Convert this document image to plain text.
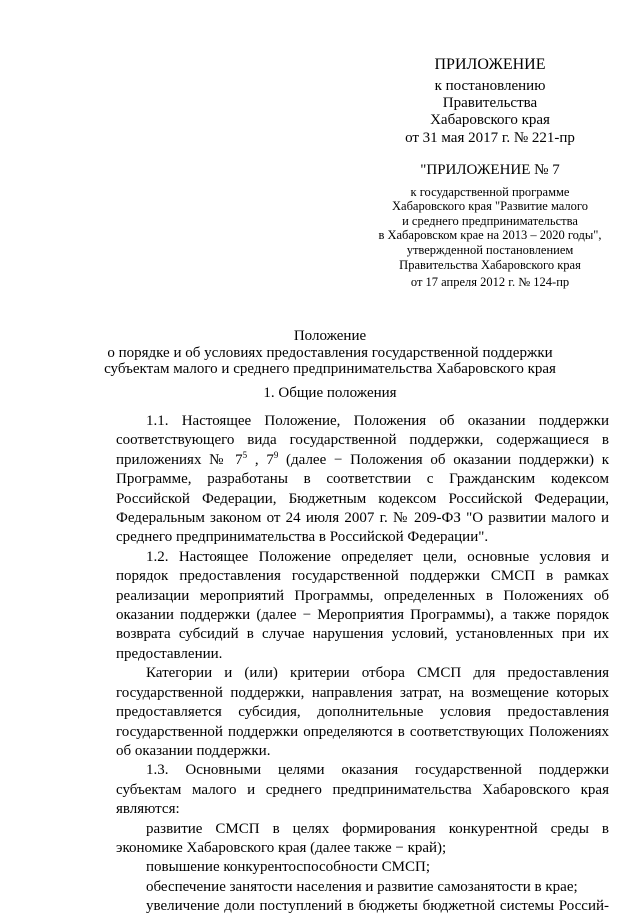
ПРИЛОЖЕНИЕ
к постановлению
Правительства
Хабаровского края
от 31 мая 2017 г. № 221-пр
"ПРИЛОЖЕНИЕ № 7
к государственной программе
Хабаровского края "Развитие малого
и среднего предпринимательства
в Хабаровском крае на 2013 – 2020 годы",
утвержденной постановлением
Правительства Хабаровского края
от 17 апреля 2012 г. № 124-пр
Положение
о порядке и об условиях предоставления государственной поддержки
субъектам малого и среднего предпринимательства Хабаровского края
1. Общие положения

1.1. Настоящее Положение, Положения об оказании поддержки соответствующего вида государственной поддержки, содержащиеся в приложениях № $7^5$ , $7^9$ (далее − Положения об оказании поддержки) к Программе, разработаны в соответствии с Гражданским кодексом Российской Федерации, Бюджетным кодексом Российской Федерации, Федеральным законом от 24 июля 2007 г. № 209-ФЗ "О развитии малого и среднего предпринимательства в Российской Федерации".

1.2. Настоящее Положение определяет цели, основные условия и порядок предоставления государственной поддержки СМСП в рамках реализации мероприятий Программы, определенных в Положениях об оказании поддержки (далее − Мероприятия Программы), а также порядок возврата субсидий в случае нарушения условий, установленных при их предоставлении.

Категории и (или) критерии отбора СМСП для предоставления государственной поддержки, направления затрат, на возмещение которых предоставляется субсидия, дополнительные условия предоставления государственной поддержки определяются в соответствующих Положениях об оказании поддержки.

1.3. Основными целями оказания государственной поддержки субъектам малого и среднего предпринимательства Хабаровского края являются:

развитие СМСП в целях формирования конкурентной среды в экономике Хабаровского края (далее также − край);

повышение конкурентоспособности СМСП;

обеспечение занятости населения и развитие самозанятости в крае;

увеличение доли поступлений в бюджеты бюджетной системы Россий-
